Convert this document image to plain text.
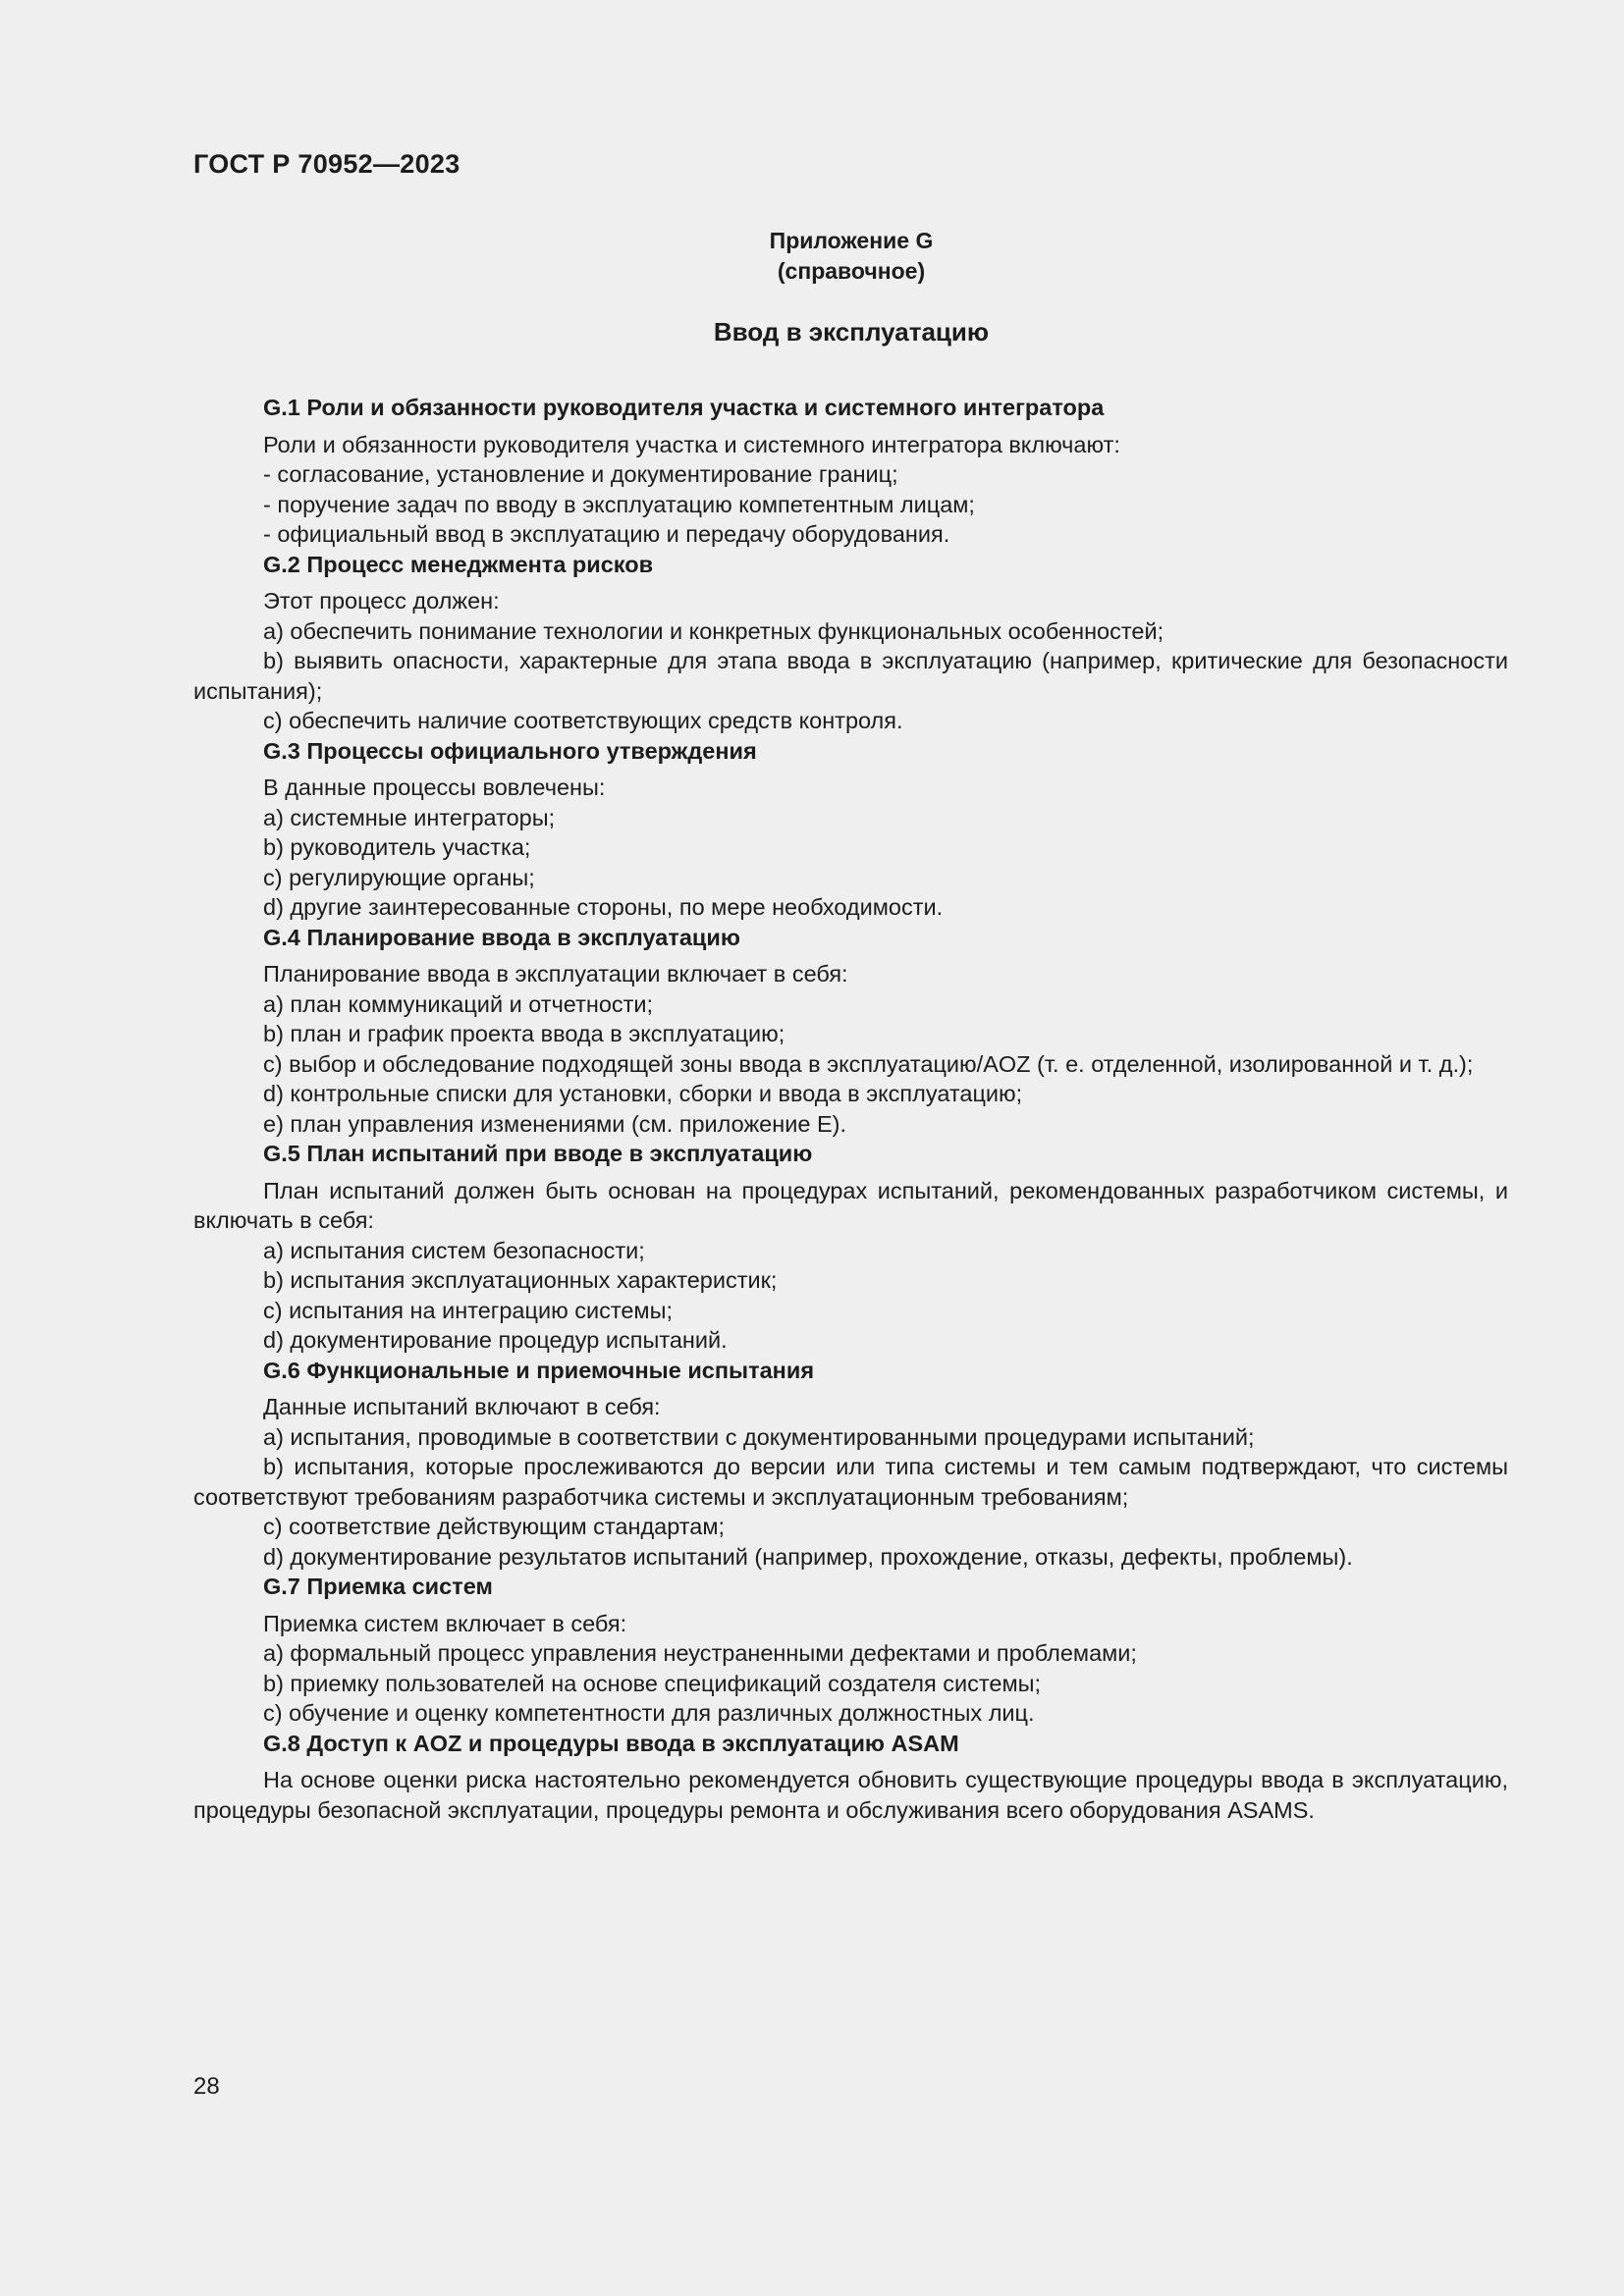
ГОСТ Р 70952—2023
Приложение G
(справочное)
Ввод в эксплуатацию
G.1 Роли и обязанности руководителя участка и системного интегратора

Роли и обязанности руководителя участка и системного интегратора включают:

- согласование, установление и документирование границ;

- поручение задач по вводу в эксплуатацию компетентным лицам;

- официальный ввод в эксплуатацию и передачу оборудования.

G.2 Процесс менеджмента рисков

Этот процесс должен:

a) обеспечить понимание технологии и конкретных функциональных особенностей;

b) выявить опасности, характерные для этапа ввода в эксплуатацию (например, критические для безопасности испытания);

c) обеспечить наличие соответствующих средств контроля.

G.3 Процессы официального утверждения

В данные процессы вовлечены:

a) системные интеграторы;

b) руководитель участка;

c) регулирующие органы;

d) другие заинтересованные стороны, по мере необходимости.

G.4 Планирование ввода в эксплуатацию

Планирование ввода в эксплуатации включает в себя:

a) план коммуникаций и отчетности;

b) план и график проекта ввода в эксплуатацию;

c) выбор и обследование подходящей зоны ввода в эксплуатацию/AOZ (т. е. отделенной, изолированной и т. д.);

d) контрольные списки для установки, сборки и ввода в эксплуатацию;

e) план управления изменениями (см. приложение E).

G.5 План испытаний при вводе в эксплуатацию

План испытаний должен быть основан на процедурах испытаний, рекомендованных разработчиком системы, и включать в себя:

a) испытания систем безопасности;

b) испытания эксплуатационных характеристик;

c) испытания на интеграцию системы;

d) документирование процедур испытаний.

G.6 Функциональные и приемочные испытания

Данные испытаний включают в себя:

a) испытания, проводимые в соответствии с документированными процедурами испытаний;

b) испытания, которые прослеживаются до версии или типа системы и тем самым подтверждают, что системы соответствуют требованиям разработчика системы и эксплуатационным требованиям;

c) соответствие действующим стандартам;

d) документирование результатов испытаний (например, прохождение, отказы, дефекты, проблемы).

G.7 Приемка систем

Приемка систем включает в себя:

a) формальный процесс управления неустраненными дефектами и проблемами;

b) приемку пользователей на основе спецификаций создателя системы;

c) обучение и оценку компетентности для различных должностных лиц.

G.8 Доступ к AOZ и процедуры ввода в эксплуатацию ASAM

На основе оценки риска настоятельно рекомендуется обновить существующие процедуры ввода в эксплуатацию, процедуры безопасной эксплуатации, процедуры ремонта и обслуживания всего оборудования ASAMS.

28
